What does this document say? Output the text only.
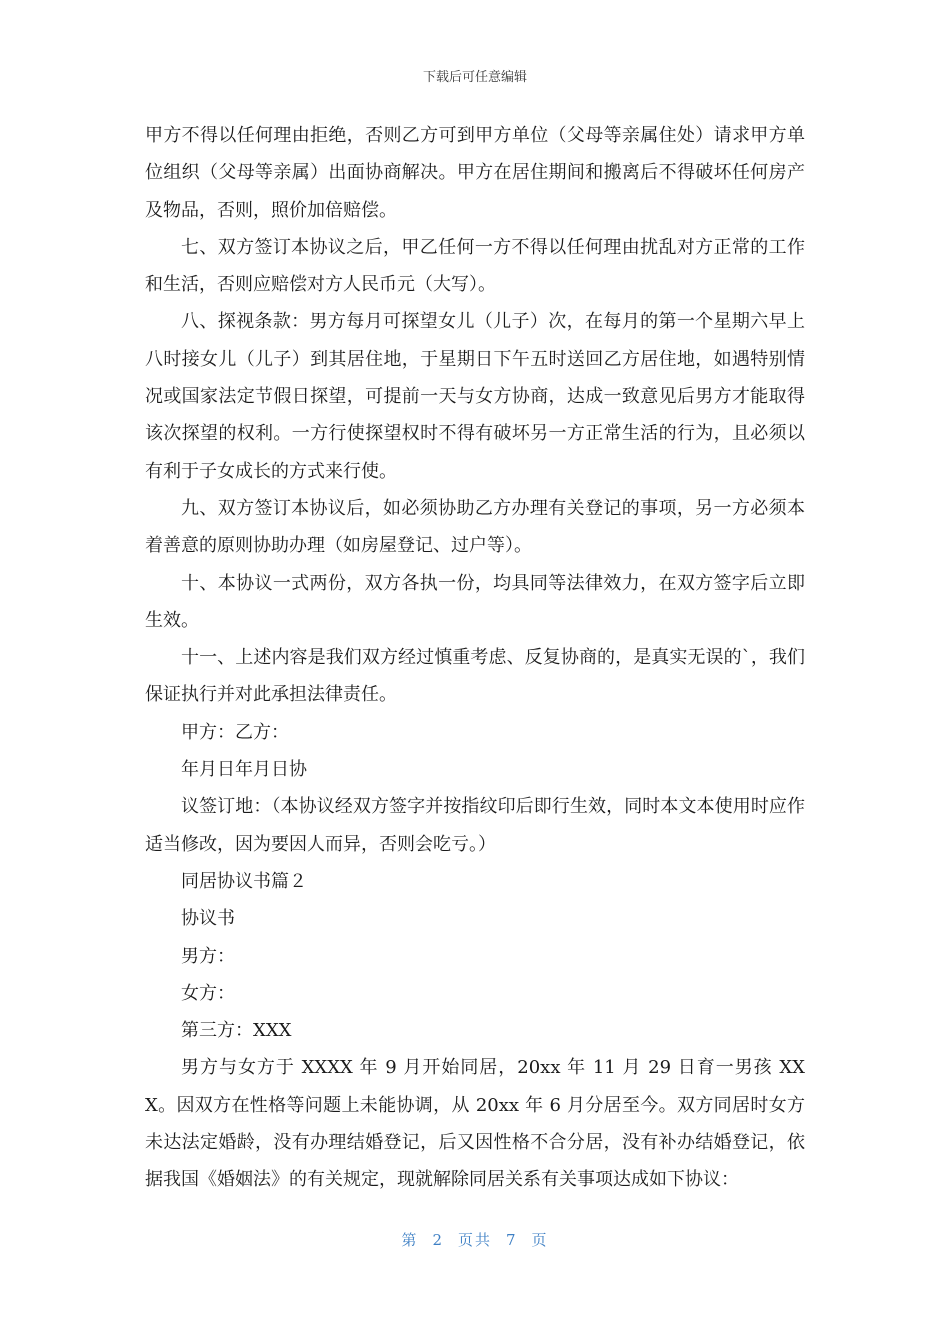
下载后可任意编辑

甲方不得以任何理由拒绝，否则乙方可到甲方单位（父母等亲属住处）请求甲方单位组织（父母等亲属）出面协商解决。甲方在居住期间和搬离后不得破坏任何房产及物品，否则，照价加倍赔偿。

七、双方签订本协议之后，甲乙任何一方不得以任何理由扰乱对方正常的工作和生活，否则应赔偿对方人民币元（大写）。

八、探视条款：男方每月可探望女儿（儿子）次，在每月的第一个星期六早上八时接女儿（儿子）到其居住地，于星期日下午五时送回乙方居住地，如遇特别情况或国家法定节假日探望，可提前一天与女方协商，达成一致意见后男方才能取得该次探望的权利。一方行使探望权时不得有破坏另一方正常生活的行为，且必须以有利于子女成长的方式来行使。

九、双方签订本协议后，如必须协助乙方办理有关登记的事项，另一方必须本着善意的原则协助办理（如房屋登记、过户等）。

十、本协议一式两份，双方各执一份，均具同等法律效力，在双方签字后立即生效。

十一、上述内容是我们双方经过慎重考虑、反复协商的，是真实无误的`，我们保证执行并对此承担法律责任。

甲方：乙方：

年月日年月日协

议签订地：（本协议经双方签字并按指纹印后即行生效，同时本文本使用时应作适当修改，因为要因人而异，否则会吃亏。）

同居协议书篇２

协议书

男方：

女方：

第三方：XXX

男方与女方于 XXXX 年 9 月开始同居，20xx 年 11 月 29 日育一男孩 XXX。因双方在性格等问题上未能协调，从 20xx 年 6 月分居至今。双方同居时女方未达法定婚龄，没有办理结婚登记，后又因性格不合分居，没有补办结婚登记，依据我国《婚姻法》的有关规定，现就解除同居关系有关事项达成如下协议：

第 2 页共 7 页
